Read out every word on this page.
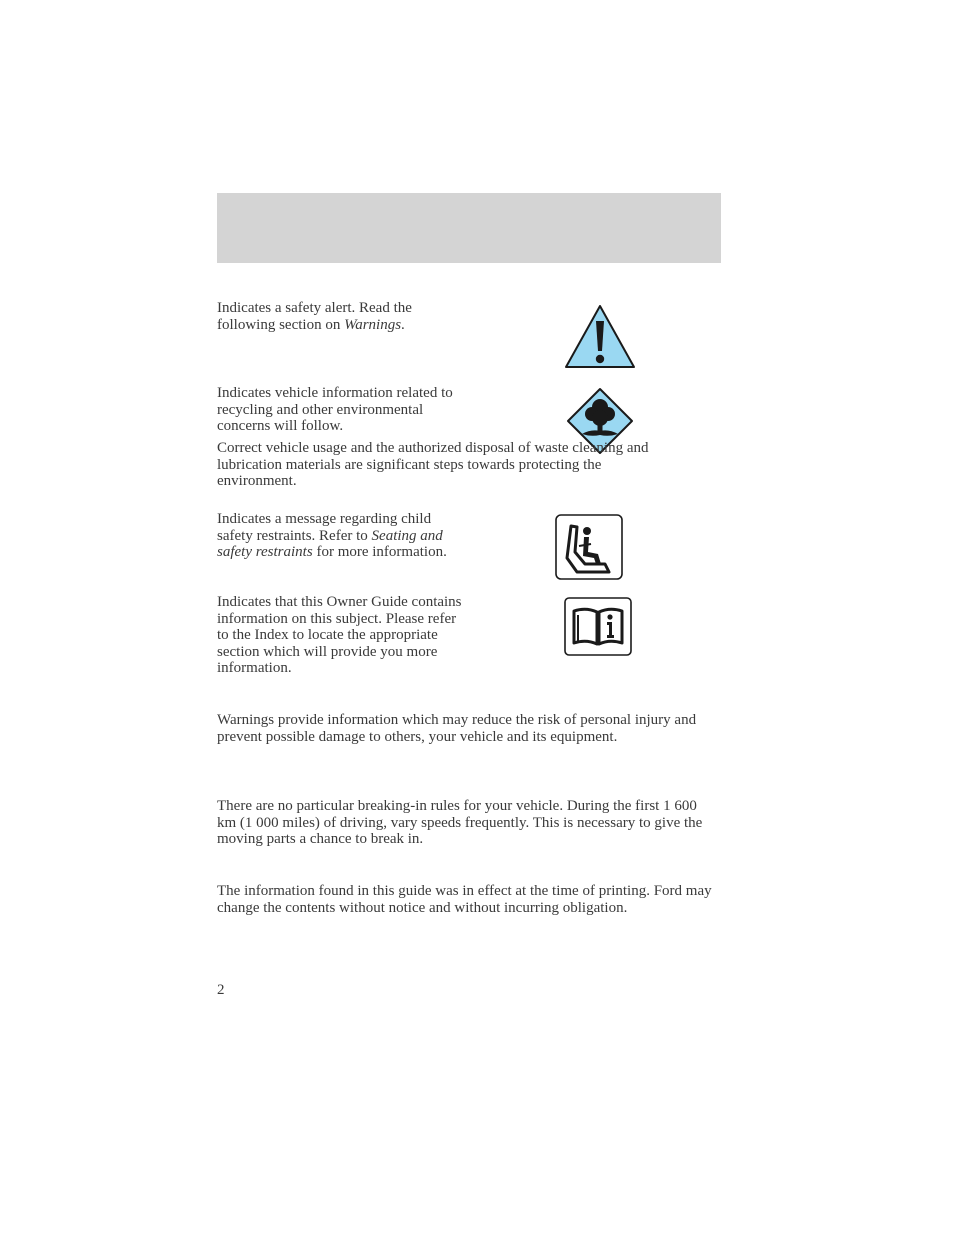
Indicates a safety alert. Read the following section on Warnings.

Indicates vehicle information related to recycling and other environmental concerns will follow.

Correct vehicle usage and the authorized disposal of waste cleaning and lubrication materials are significant steps towards protecting the environment.

Indicates a message regarding child safety restraints. Refer to Seating and safety restraints for more information.

Indicates that this Owner Guide contains information on this subject. Please refer to the Index to locate the appropriate section which will provide you more information.

Warnings provide information which may reduce the risk of personal injury and prevent possible damage to others, your vehicle and its equipment.

There are no particular breaking-in rules for your vehicle. During the first 1 600 km (1 000 miles) of driving, vary speeds frequently. This is necessary to give the moving parts a chance to break in.

The information found in this guide was in effect at the time of printing. Ford may change the contents without notice and without incurring obligation.

2
